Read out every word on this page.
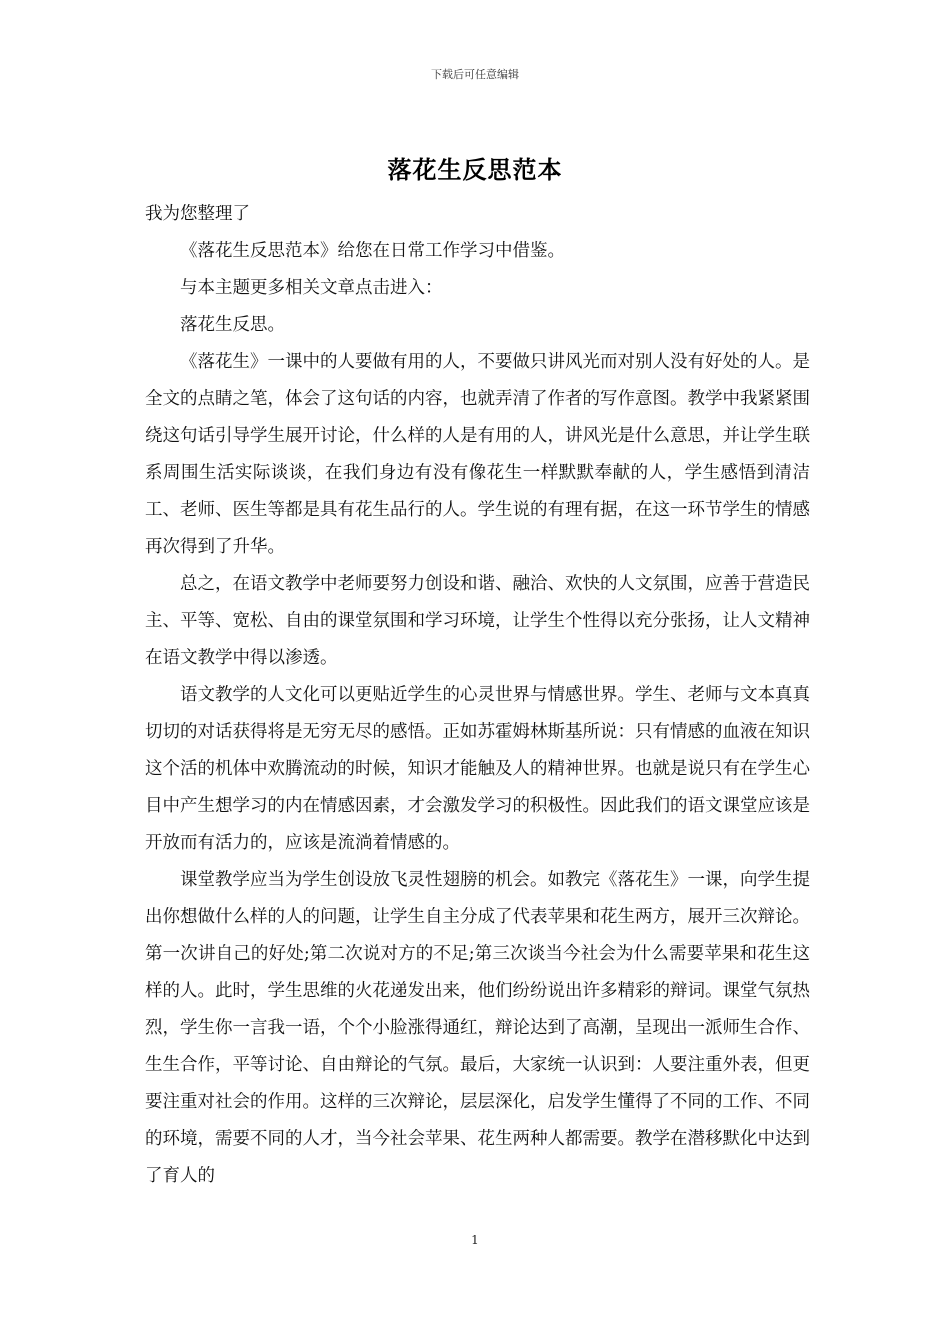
下载后可任意编辑
落花生反思范本

我为您整理了

《落花生反思范本》给您在日常工作学习中借鉴。

与本主题更多相关文章点击进入：

落花生反思。

《落花生》一课中的人要做有用的人，不要做只讲风光而对别人没有好处的人。是全文的点睛之笔，体会了这句话的内容，也就弄清了作者的写作意图。教学中我紧紧围绕这句话引导学生展开讨论，什么样的人是有用的人，讲风光是什么意思，并让学生联系周围生活实际谈谈，在我们身边有没有像花生一样默默奉献的人，学生感悟到清洁工、老师、医生等都是具有花生品行的人。学生说的有理有据，在这一环节学生的情感再次得到了升华。

总之，在语文教学中老师要努力创设和谐、融洽、欢快的人文氛围，应善于营造民主、平等、宽松、自由的课堂氛围和学习环境，让学生个性得以充分张扬，让人文精神在语文教学中得以渗透。

语文教学的人文化可以更贴近学生的心灵世界与情感世界。学生、老师与文本真真切切的对话获得将是无穷无尽的感悟。正如苏霍姆林斯基所说：只有情感的血液在知识这个活的机体中欢腾流动的时候，知识才能触及人的精神世界。也就是说只有在学生心目中产生想学习的内在情感因素，才会激发学习的积极性。因此我们的语文课堂应该是开放而有活力的，应该是流淌着情感的。

课堂教学应当为学生创设放飞灵性翅膀的机会。如教完《落花生》一课，向学生提出你想做什么样的人的问题，让学生自主分成了代表苹果和花生两方，展开三次辩论。第一次讲自己的好处;第二次说对方的不足;第三次谈当今社会为什么需要苹果和花生这样的人。此时，学生思维的火花递发出来，他们纷纷说出许多精彩的辩词。课堂气氛热烈，学生你一言我一语，个个小脸涨得通红，辩论达到了高潮，呈现出一派师生合作、生生合作，平等讨论、自由辩论的气氛。最后，大家统一认识到：人要注重外表，但更要注重对社会的作用。这样的三次辩论，层层深化，启发学生懂得了不同的工作、不同的环境，需要不同的人才，当今社会苹果、花生两种人都需要。教学在潜移默化中达到了育人的

1
